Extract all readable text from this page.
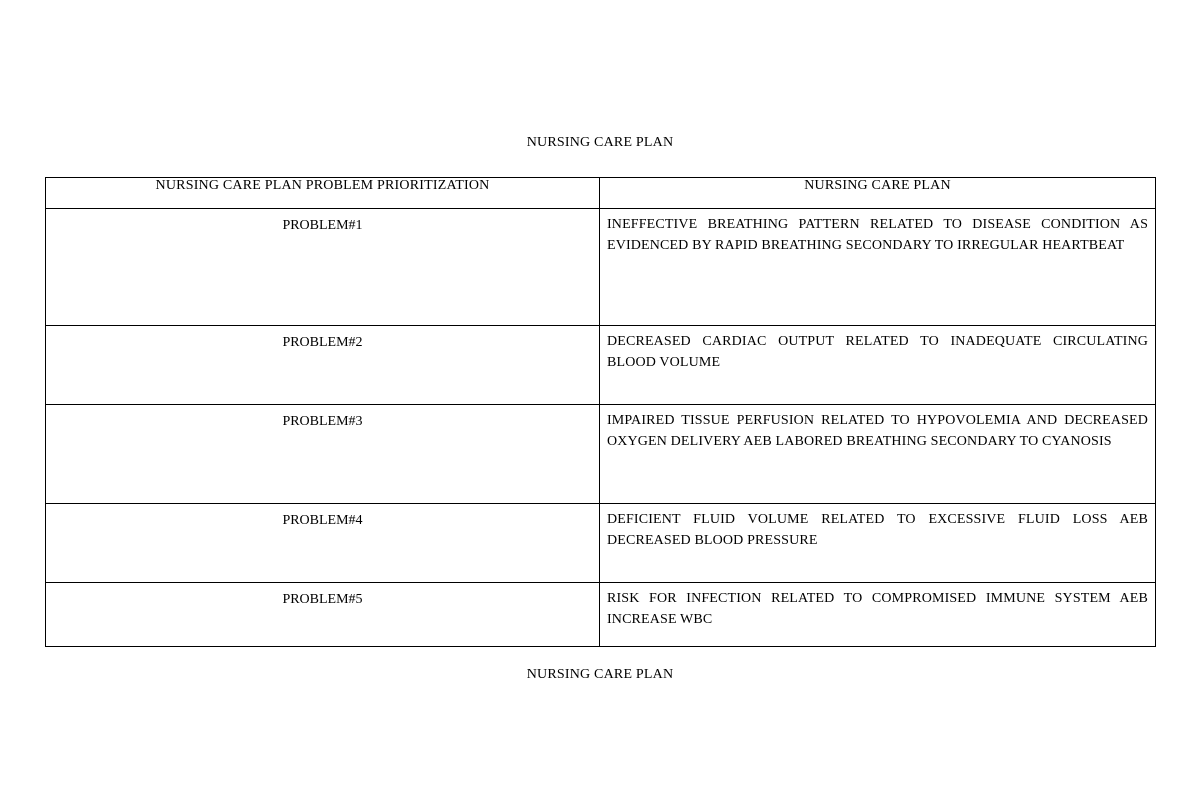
NURSING CARE PLAN
NURSING CARE PLAN PROBLEM PRIORITIZATION	NURSING CARE PLAN
PROBLEM#1	INEFFECTIVE BREATHING PATTERN RELATED TO DISEASE CONDITION AS EVIDENCED BY RAPID BREATHING SECONDARY TO IRREGULAR HEARTBEAT
PROBLEM#2	DECREASED CARDIAC OUTPUT RELATED TO INADEQUATE CIRCULATING BLOOD VOLUME
PROBLEM#3	IMPAIRED TISSUE PERFUSION RELATED TO HYPOVOLEMIA AND DECREASED OXYGEN DELIVERY AEB LABORED BREATHING SECONDARY TO CYANOSIS
PROBLEM#4	DEFICIENT FLUID VOLUME RELATED TO EXCESSIVE FLUID LOSS AEB DECREASED BLOOD PRESSURE
PROBLEM#5	RISK FOR INFECTION RELATED TO COMPROMISED IMMUNE SYSTEM AEB INCREASE WBC
NURSING CARE PLAN
